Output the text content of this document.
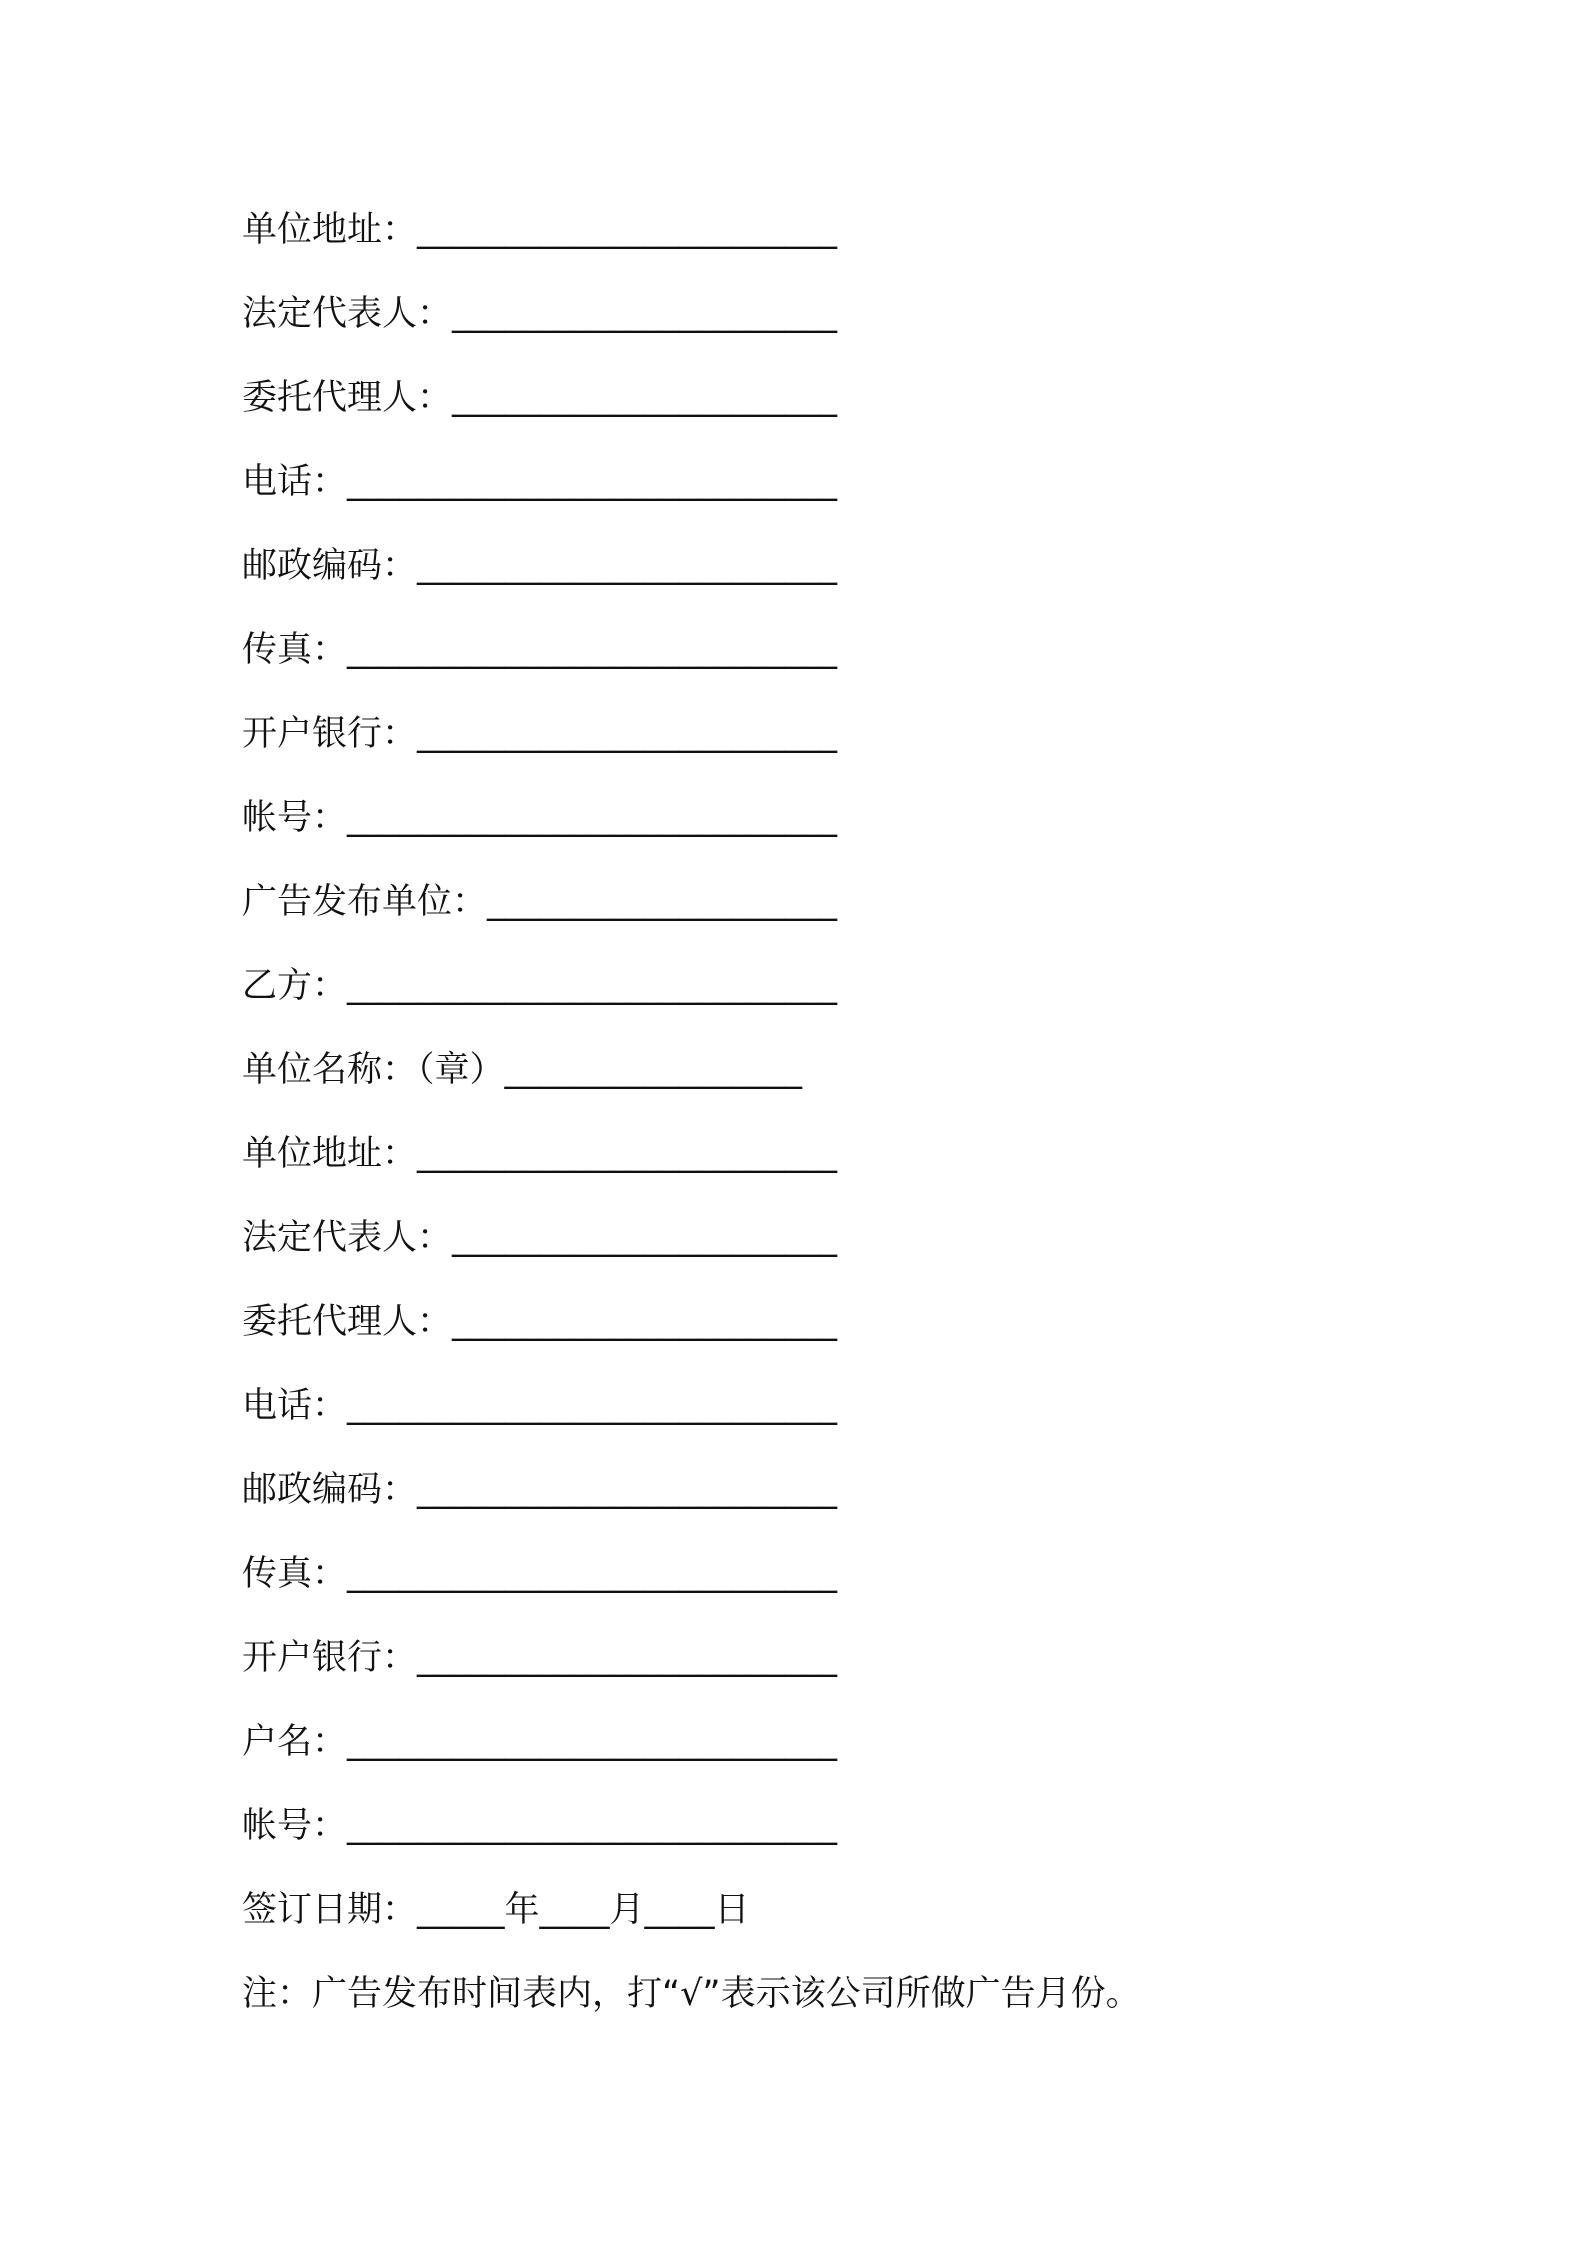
单位地址：________________________
法定代表人：______________________
委托代理人：______________________
电话：____________________________
邮政编码：________________________
传真：____________________________
开户银行：________________________
帐号：____________________________
广告发布单位：____________________
乙方：____________________________
单位名称：（章）_________________
单位地址：________________________
法定代表人：______________________
委托代理人：______________________
电话：____________________________
邮政编码：________________________
传真：____________________________
开户银行：________________________
户名：____________________________
帐号：____________________________
签订日期：_____年____月____日
注：广告发布时间表内，打“√”表示该公司所做广告月份。
